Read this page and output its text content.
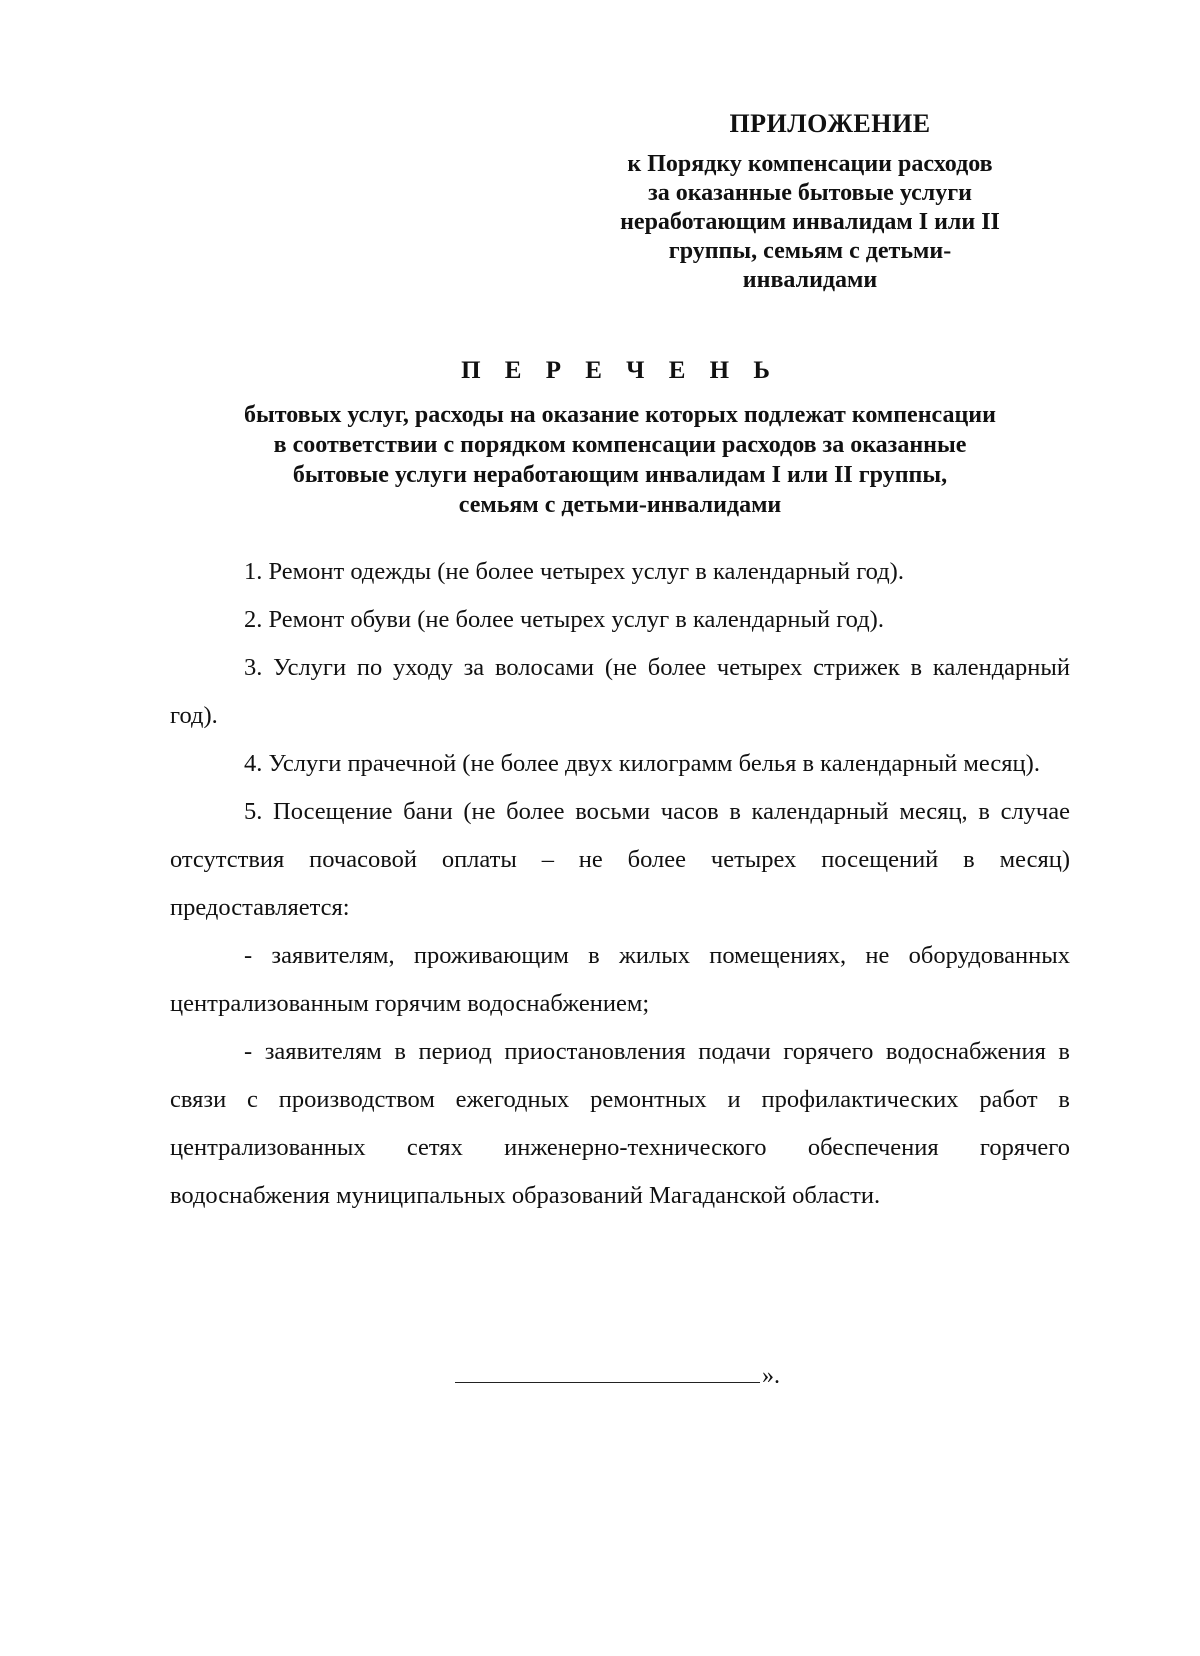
ПРИЛОЖЕНИЕ
к Порядку компенсации расходов
за оказанные бытовые услуги
неработающим инвалидам I или II
группы, семьям с детьми-
инвалидами
П Е Р Е Ч Е Н Ь
бытовых услуг, расходы на оказание которых подлежат компенсации
в соответствии с порядком компенсации расходов за оказанные
бытовые услуги неработающим инвалидам I или II группы,
семьям с детьми-инвалидами

1. Ремонт одежды (не более четырех услуг в календарный год).

2. Ремонт обуви (не более четырех услуг в календарный год).

3. Услуги по уходу за волосами (не более четырех стрижек в календарный год).

4. Услуги прачечной (не более двух килограмм белья в календарный месяц).

5. Посещение бани (не более восьми часов в календарный месяц, в случае отсутствия почасовой оплаты – не более четырех посещений в месяц) предоставляется:

- заявителям, проживающим в жилых помещениях, не оборудованных централизованным горячим водоснабжением;

- заявителям в период приостановления подачи горячего водоснабжения в связи с производством ежегодных ремонтных и профилактических работ в централизованных сетях инженерно-технического обеспечения горячего водоснабжения муниципальных образований Магаданской области.

».
